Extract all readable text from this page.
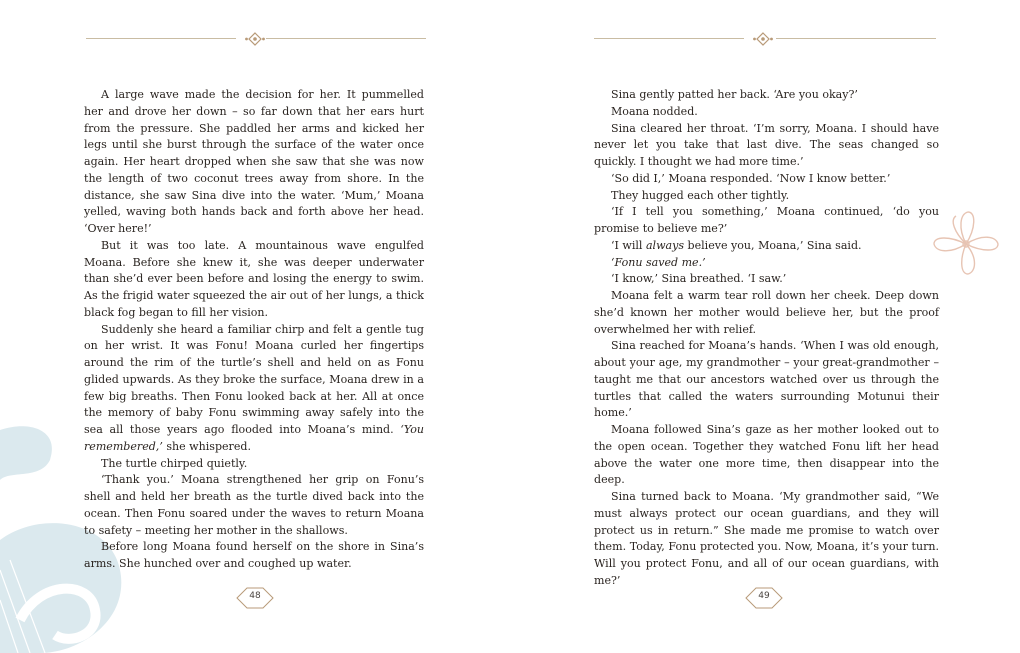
A large wave made the decision for her. It pummelled her and drove her down – so far down that her ears hurt from the pressure. She paddled her arms and kicked her legs until she burst through the surface of the water once again. Her heart dropped when she saw that she was now the length of two coconut trees away from shore. In the distance, she saw Sina dive into the water. ‘Mum,’ Moana yelled, waving both hands back and forth above her head. ‘Over here!’

But it was too late. A mountainous wave engulfed Moana. Before she knew it, she was deeper underwater than she’d ever been before and losing the energy to swim. As the frigid water squeezed the air out of her lungs, a thick black fog began to fill her vision.

Suddenly she heard a familiar chirp and felt a gentle tug on her wrist. It was Fonu! Moana curled her fingertips around the rim of the turtle’s shell and held on as Fonu glided upwards. As they broke the surface, Moana drew in a few big breaths. Then Fonu looked back at her. All at once the memory of baby Fonu swimming away safely into the sea all those years ago flooded into Moana’s mind. ‘You remembered,’ she whispered.

The turtle chirped quietly.

‘Thank you.’ Moana strengthened her grip on Fonu’s shell and held her breath as the turtle dived back into the ocean. Then Fonu soared under the waves to return Moana to safety – meeting her mother in the shallows.

Before long Moana found herself on the shore in Sina’s arms. She hunched over and coughed up water.

48

Sina gently patted her back. ‘Are you okay?’

Moana nodded.

Sina cleared her throat. ‘I’m sorry, Moana. I should have never let you take that last dive. The seas changed so quickly. I thought we had more time.’

‘So did I,’ Moana responded. ‘Now I know better.’

They hugged each other tightly.

‘If I tell you something,’ Moana continued, ‘do you promise to believe me?’

‘I will always believe you, Moana,’ Sina said.

‘Fonu saved me.’

‘I know,’ Sina breathed. ‘I saw.’

Moana felt a warm tear roll down her cheek. Deep down she’d known her mother would believe her, but the proof overwhelmed her with relief.

Sina reached for Moana’s hands. ‘When I was old enough, about your age, my grandmother – your great-grandmother – taught me that our ancestors watched over us through the turtles that called the waters surrounding Motunui their home.’

Moana followed Sina’s gaze as her mother looked out to the open ocean. Together they watched Fonu lift her head above the water one more time, then disappear into the deep.

Sina turned back to Moana. ‘My grandmother said, “We must always protect our ocean guardians, and they will protect us in return.” She made me promise to watch over them. Today, Fonu protected you. Now, Moana, it’s your turn. Will you protect Fonu, and all of our ocean guardians, with me?’

49
